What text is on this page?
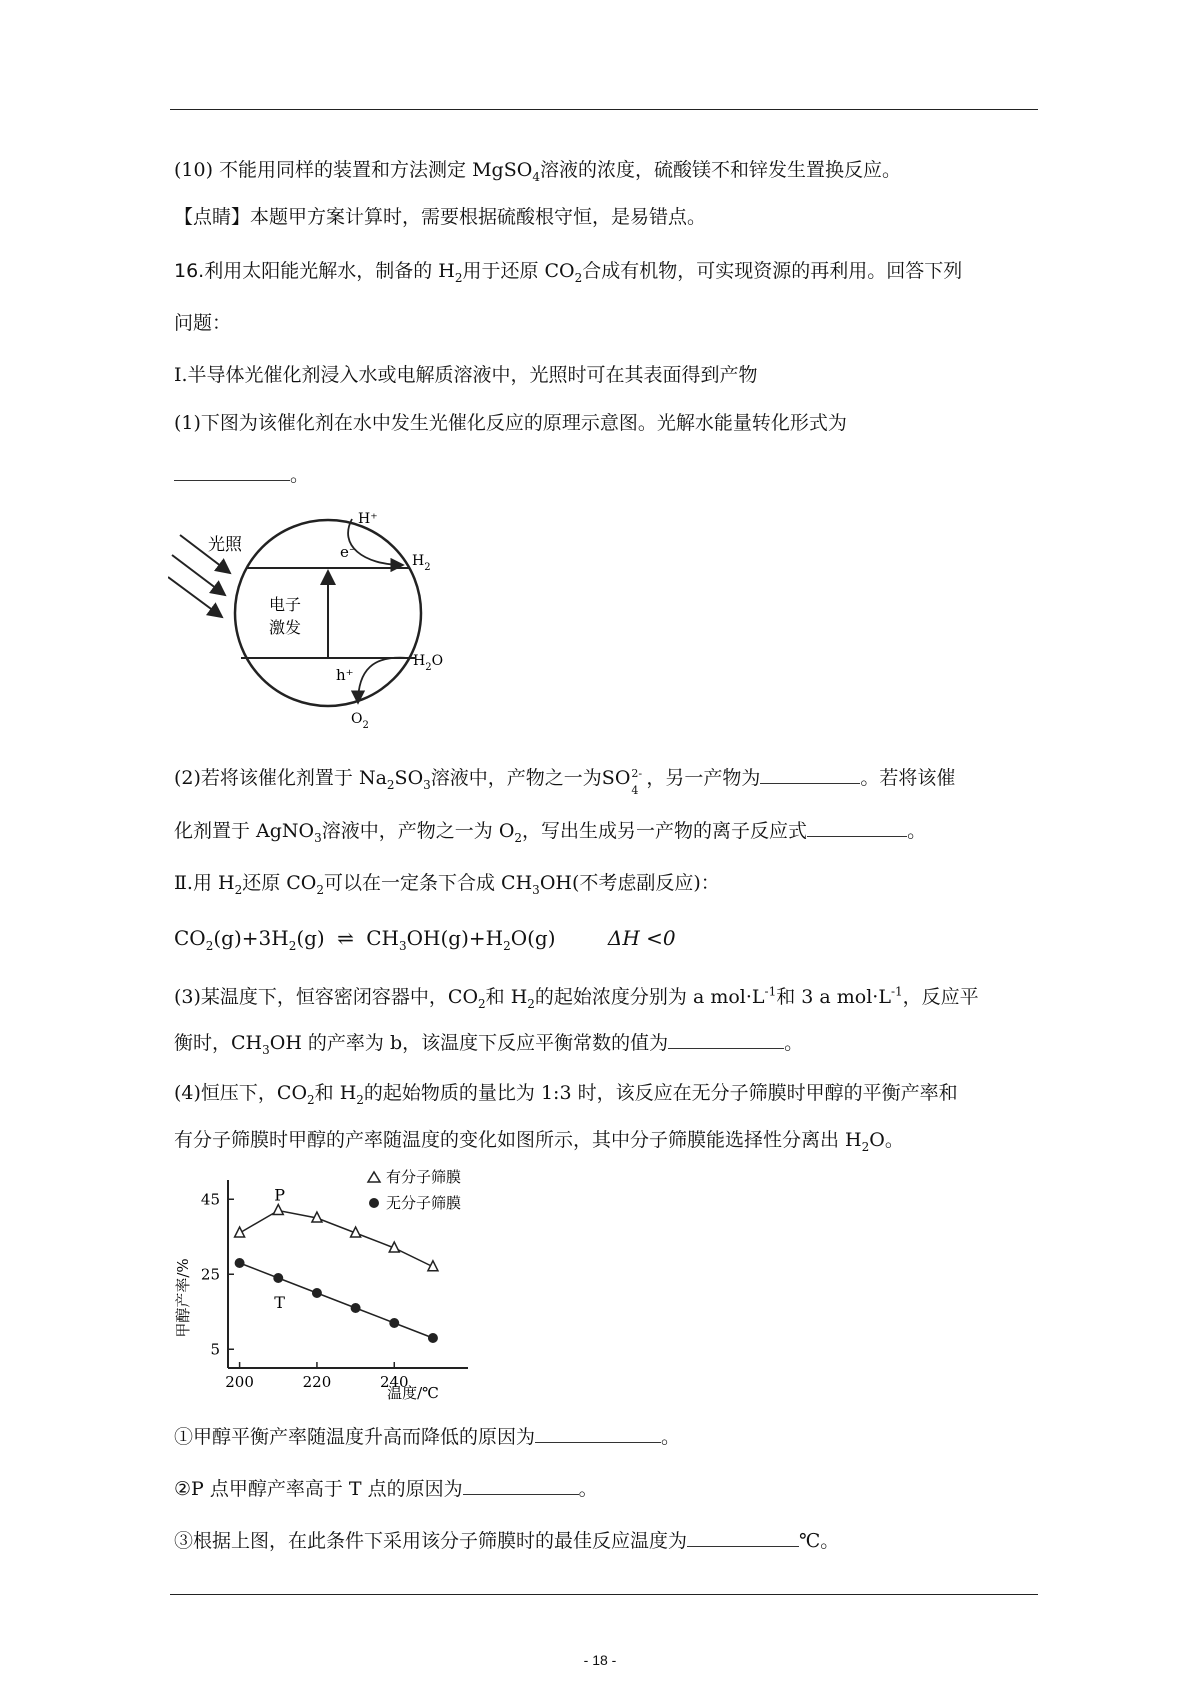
(10) 不能用同样的装置和方法测定 MgSO$_4$溶液的浓度，硫酸镁不和锌发生置换反应。
【点睛】本题甲方案计算时，需要根据硫酸根守恒，是易错点。
16.利用太阳能光解水，制备的 $H_2$用于还原 $CO_2$合成有机物，可实现资源的再利用。回答下列
问题：
Ⅰ.半导体光催化剂浸入水或电解质溶液中，光照时可在其表面得到产物
(1)下图为该催化剂在水中发生光催化反应的原理示意图。光解水能量转化形式为
。
光照
电子
激发
e⁻
h⁺
H⁺
$H_2$
$H_2O$
$O_2$
(2)若将该催化剂置于 $Na_2SO_3$溶液中，产物之一为SO 2-
4
，另一产物为	。若将该催
化剂置于 AgNO$_3$溶液中，产物之一为 $O_2$，写出生成另一产物的离子反应式	。
Ⅱ.用 $H_2$还原 $CO_2$可以在一定条下合成 $CH_3OH$(不考虑副反应)：
$CO_2(g)+3H_2(g)$ ⇌ $CH_3OH(g)+H_2O(g)$	ΔH <0
(3)某温度下，恒容密闭容器中，$CO_2$和 $H_2$的起始浓度分别为 a $mol\cdot L^{-1}$和 3 a $mol\cdot L^{-1}$，反应平
衡时，$CH_3OH$ 的产率为 b，该温度下反应平衡常数的值为	。
(4)恒压下，$CO_2$和 $H_2$的起始物质的量比为 1:3 时，该反应在无分子筛膜时甲醇的平衡产率和
有分子筛膜时甲醇的产率随温度的变化如图所示，其中分子筛膜能选择性分离出 $H_2O$。
有分子筛膜
无分子筛膜
甲醇产率/%
温度/℃
5
25
45
200	220	240
P
T
①甲醇平衡产率随温度升高而降低的原因为	。
②P 点甲醇产率高于 T 点的原因为	。
③根据上图，在此条件下采用该分子筛膜时的最佳反应温度为	℃。
- 18 -
